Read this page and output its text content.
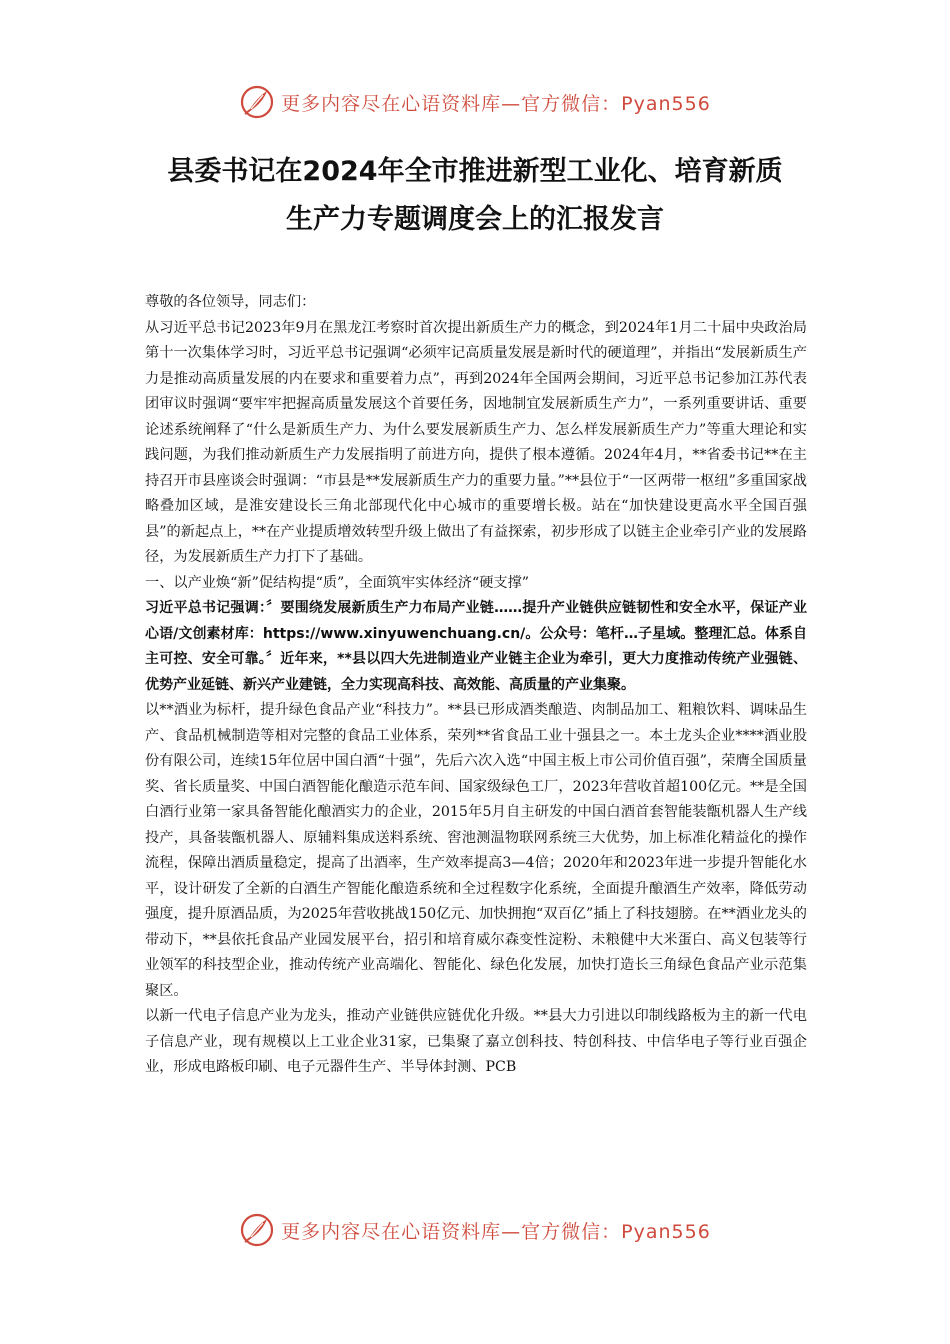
更多内容尽在心语资料库—官方微信：Pyan556
县委书记在2024年全市推进新型工业化、培育新质
生产力专题调度会上的汇报发言

尊敬的各位领导，同志们：

从习近平总书记2023年9月在黑龙江考察时首次提出新质生产力的概念，到2024年1月二十届中央政治局第十一次集体学习时，习近平总书记强调“必须牢记高质量发展是新时代的硬道理”，并指出“发展新质生产力是推动高质量发展的内在要求和重要着力点”，再到2024年全国两会期间，习近平总书记参加江苏代表团审议时强调“要牢牢把握高质量发展这个首要任务，因地制宜发展新质生产力”，一系列重要讲话、重要论述系统阐释了“什么是新质生产力、为什么要发展新质生产力、怎么样发展新质生产力”等重大理论和实践问题，为我们推动新质生产力发展指明了前进方向，提供了根本遵循。2024年4月，**省委书记**在主持召开市县座谈会时强调：“市县是**发展新质生产力的重要力量。”**县位于“一区两带一枢纽”多重国家战略叠加区域，是淮安建设长三角北部现代化中心城市的重要增长极。站在“加快建设更高水平全国百强县”的新起点上，**在产业提质增效转型升级上做出了有益探索，初步形成了以链主企业牵引产业的发展路径，为发展新质生产力打下了基础。

一、以产业焕“新”促结构提“质”，全面筑牢实体经济“硬支撑”

习近平总书记强调：〞要围绕发展新质生产力布局产业链……提升产业链供应链韧性和安全水平，保证产业心语/文创素材库：https://www.xinyuwenchuang.cn/。公众号：笔杆…子星域。整理汇总。体系自主可控、安全可靠。〞近年来，**县以四大先进制造业产业链主企业为牵引，更大力度推动传统产业强链、优势产业延链、新兴产业建链，全力实现高科技、高效能、高质量的产业集聚。

以**酒业为标杆，提升绿色食品产业“科技力”。**县已形成酒类酿造、肉制品加工、粗粮饮料、调味品生产、食品机械制造等相对完整的食品工业体系，荣列**省食品工业十强县之一。本土龙头企业****酒业股份有限公司，连续15年位居中国白酒“十强”，先后六次入选“中国主板上市公司价值百强”，荣膺全国质量奖、省长质量奖、中国白酒智能化酿造示范车间、国家级绿色工厂，2023年营收首超100亿元。**是全国白酒行业第一家具备智能化酿酒实力的企业，2015年5月自主研发的中国白酒首套智能装甑机器人生产线投产，具备装甑机器人、原辅料集成送料系统、窖池测温物联网系统三大优势，加上标准化精益化的操作流程，保障出酒质量稳定，提高了出酒率，生产效率提高3—4倍；2020年和2023年进一步提升智能化水平，设计研发了全新的白酒生产智能化酿造系统和全过程数字化系统，全面提升酿酒生产效率，降低劳动强度，提升原酒品质，为2025年营收挑战150亿元、加快拥抱“双百亿”插上了科技翅膀。在**酒业龙头的带动下，**县依托食品产业园发展平台，招引和培育威尔森变性淀粉、未粮健中大米蛋白、高义包装等行业领军的科技型企业，推动传统产业高端化、智能化、绿色化发展，加快打造长三角绿色食品产业示范集聚区。

以新一代电子信息产业为龙头，推动产业链供应链优化升级。**县大力引进以印制线路板为主的新一代电子信息产业，现有规模以上工业企业31家，已集聚了嘉立创科技、特创科技、中信华电子等行业百强企业，形成电路板印刷、电子元器件生产、半导体封测、PCB

更多内容尽在心语资料库—官方微信：Pyan556
